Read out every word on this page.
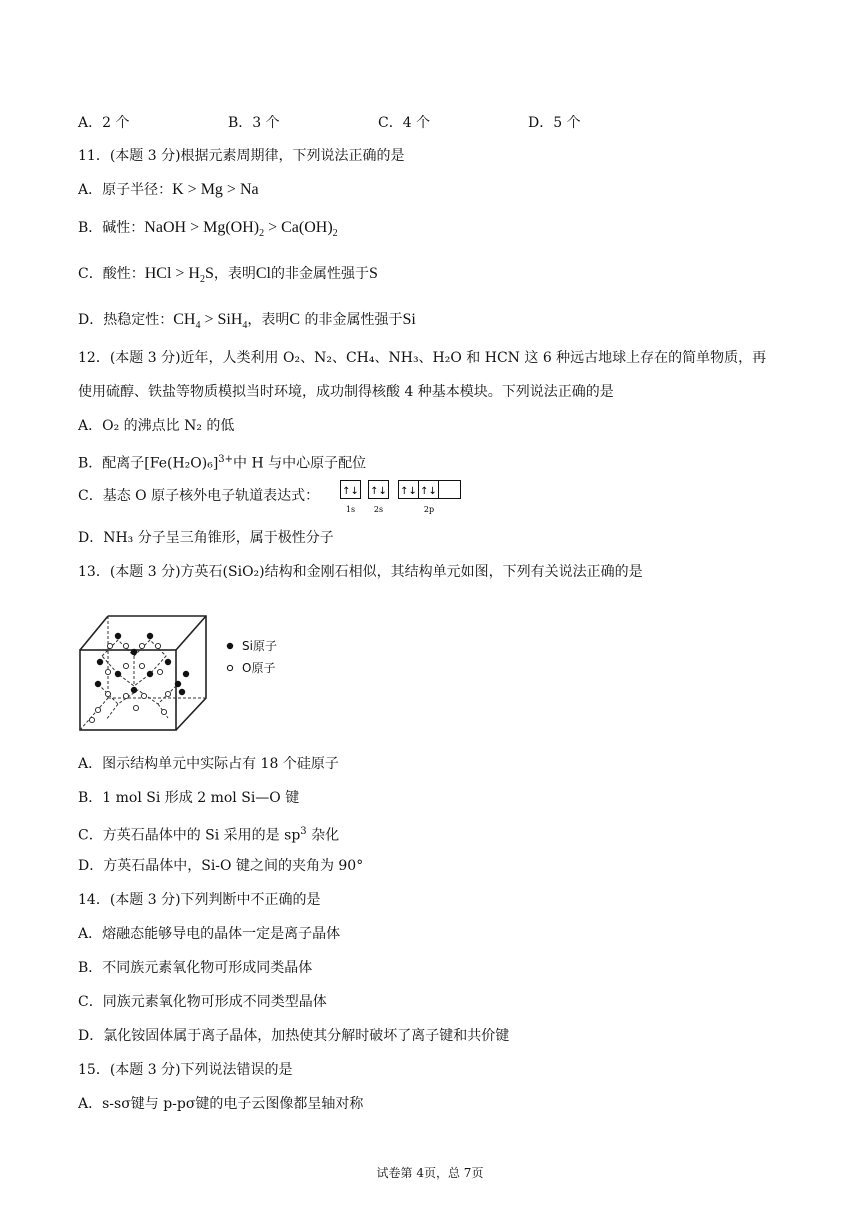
A．2 个	B．3 个	C．4 个	D．5 个
11．(本题 3 分)根据元素周期律，下列说法正确的是
A．原子半径：K > Mg > Na
B．碱性：NaOH > $Mg(OH)_2 > Ca(OH)_2$
C．酸性：HCl > $H_2S$，表明Cl的非金属性强于S
D．热稳定性：$CH_4 > SiH_4$，表明C 的非金属性强于Si
12．(本题 3 分)近年，人类利用 O₂、N₂、CH₄、NH₃、H₂O 和 HCN 这 6 种远古地球上存在的简单物质，再
使用硫醇、铁盐等物质模拟当时环境，成功制得核酸 4 种基本模块。下列说法正确的是
A．O₂ 的沸点比 N₂ 的低
B．配离子$[Fe(H_2O)_6]^{3+}$中 H 与中心原子配位
C．基态 O 原子核外电子轨道表达式： ↑↓ ↑↓ ↑↓ ↑↓
1s 2s	2p
D．NH₃ 分子呈三角锥形，属于极性分子
13．(本题 3 分)方英石(SiO₂)结构和金刚石相似，其结构单元如图，下列有关说法正确的是
Si原子
O原子
A．图示结构单元中实际占有 18 个硅原子
B．1 mol Si 形成 2 mol Si—O 键
C．方英石晶体中的 Si 采用的是 $sp^3$ 杂化
D．方英石晶体中，Si-O 键之间的夹角为 90°
14．(本题 3 分)下列判断中不正确的是
A．熔融态能够导电的晶体一定是离子晶体
B．不同族元素氧化物可形成同类晶体
C．同族元素氧化物可形成不同类型晶体
D．氯化铵固体属于离子晶体，加热使其分解时破坏了离子键和共价键
15．(本题 3 分)下列说法错误的是
A．s-sσ键与 p-pσ键的电子云图像都呈轴对称
试卷第 4页，总 7页
